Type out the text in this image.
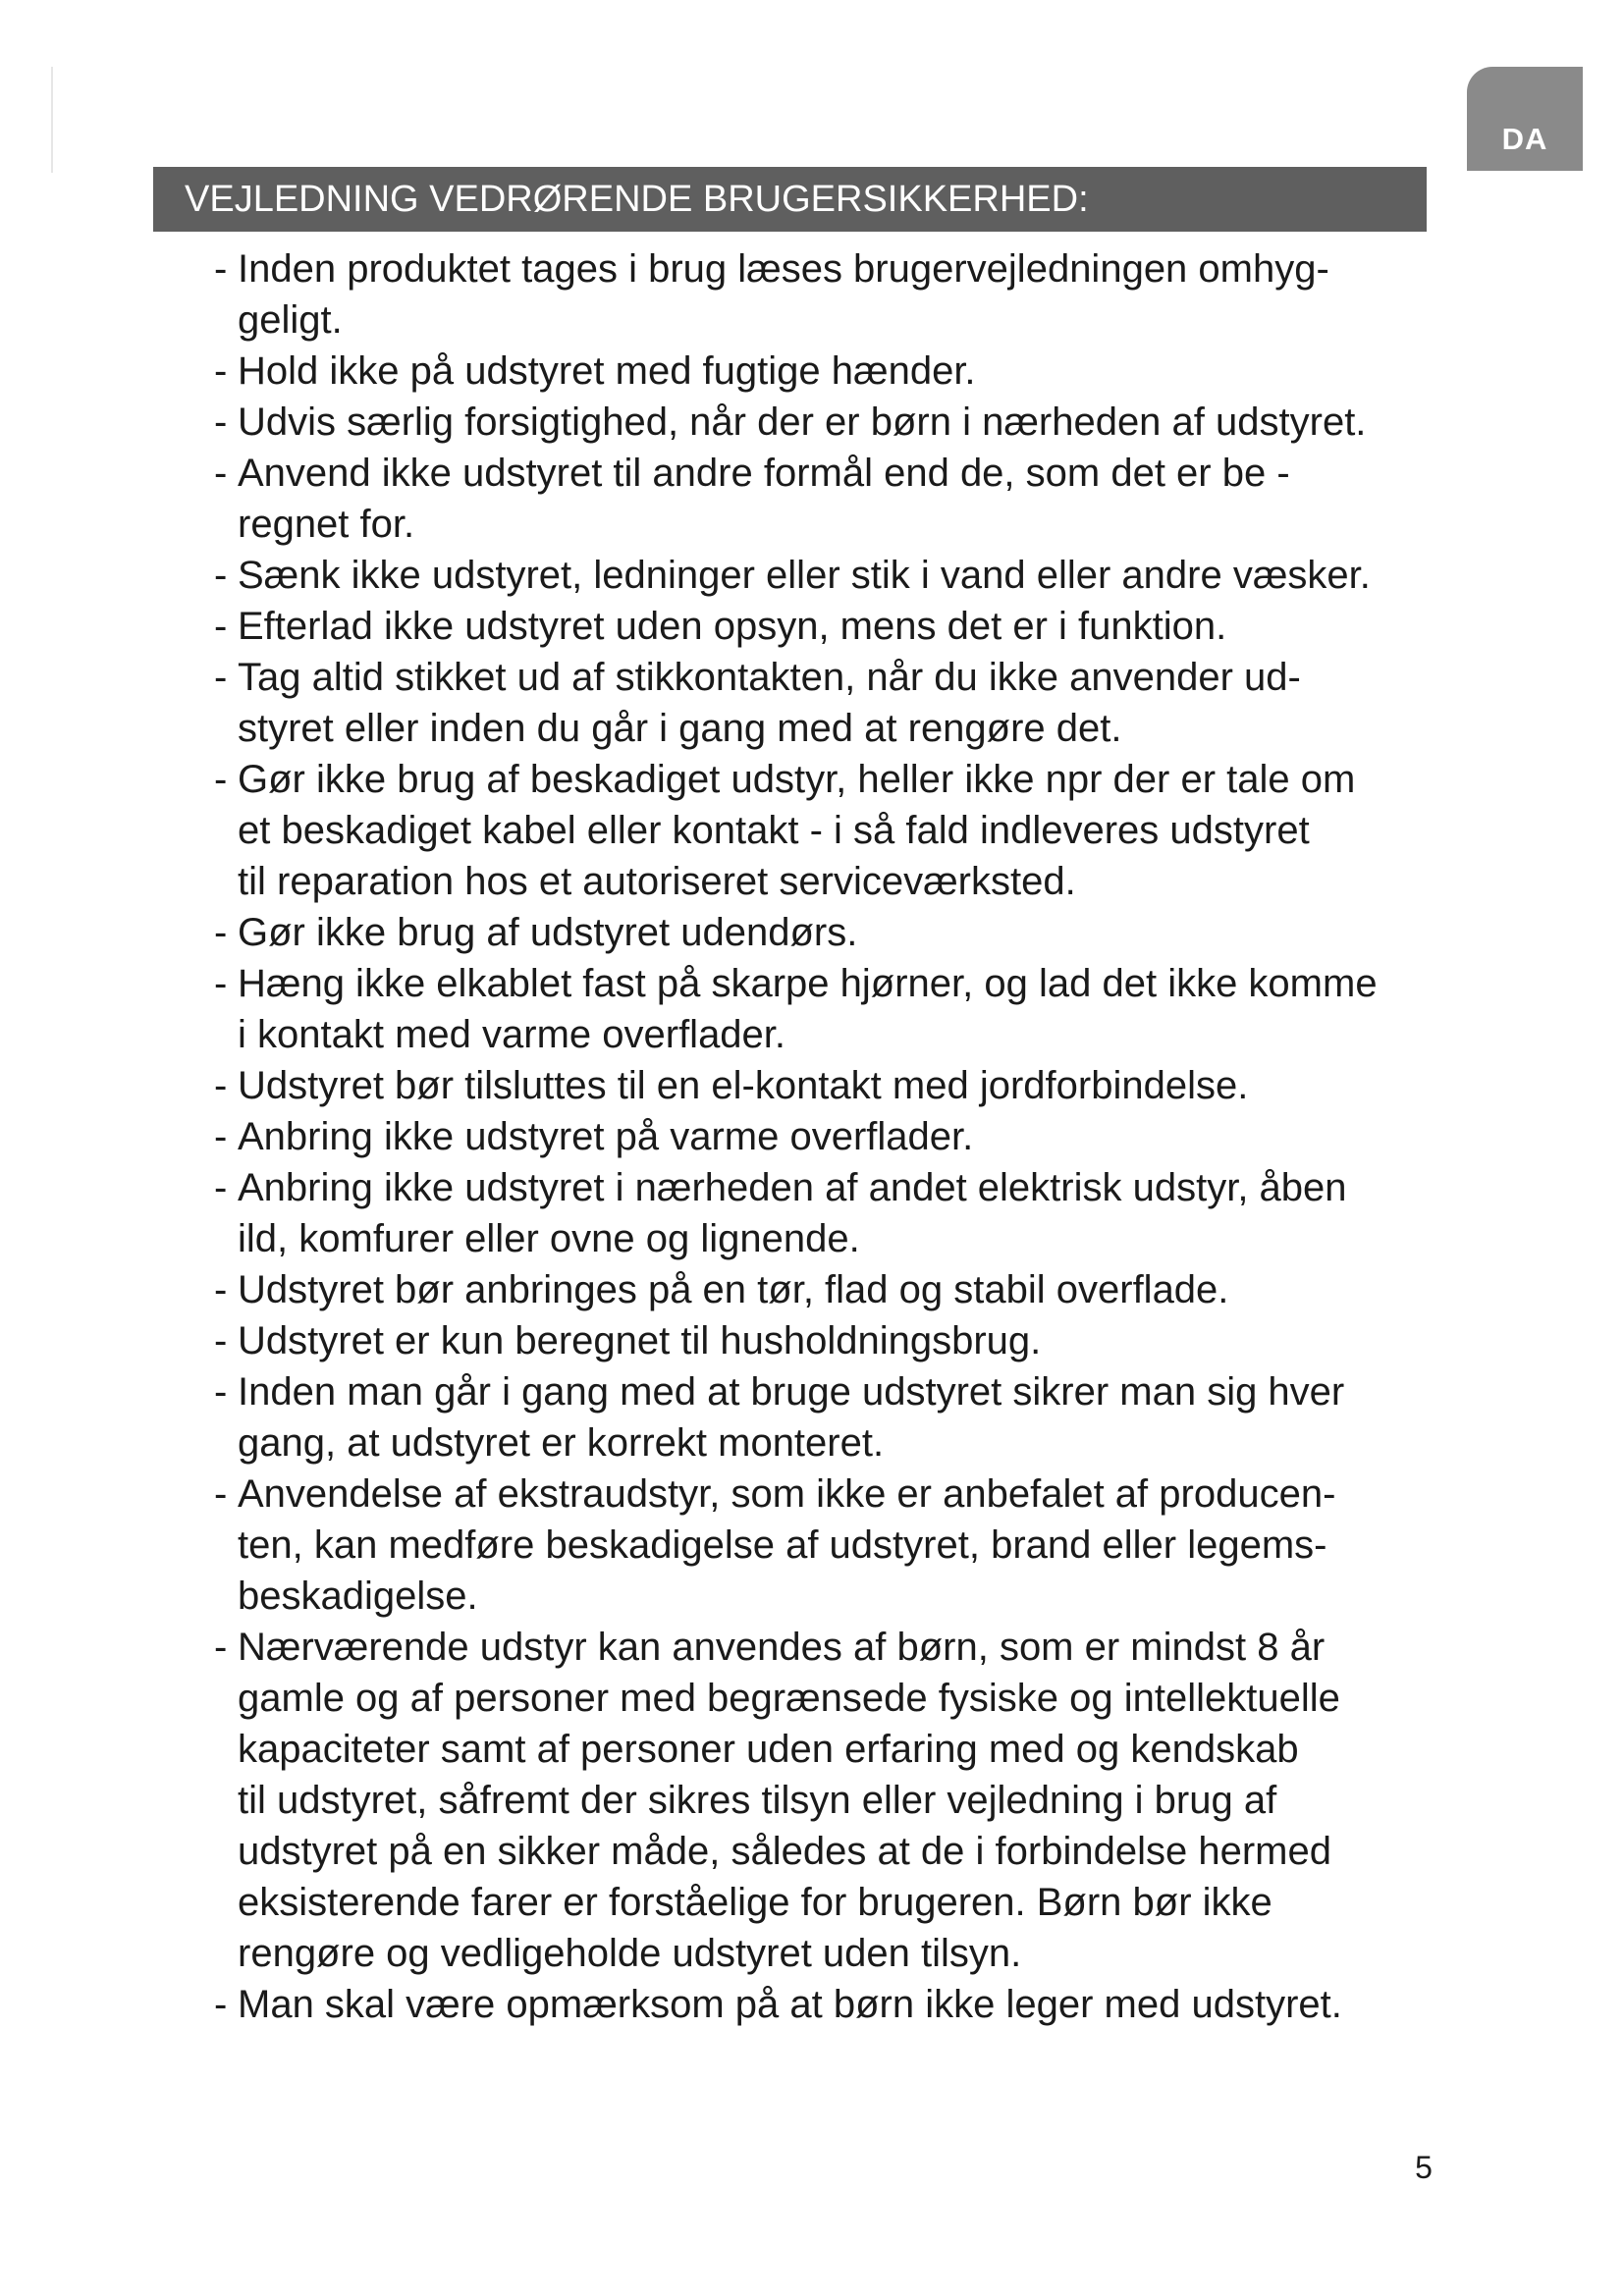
DA
VEJLEDNING VEDRØRENDE BRUGERSIKKERHED:
- Inden produktet tages i brug læses brugervejledningen omhyg-
geligt.
- Hold ikke på udstyret med fugtige hænder.
- Udvis særlig forsigtighed, når der er børn i nærheden af udstyret.
- Anvend ikke udstyret til andre formål end de, som det er be -
regnet for.
- Sænk ikke udstyret, ledninger eller stik i vand eller andre væsker.
- Efterlad ikke udstyret uden opsyn, mens det er i funktion.
- Tag altid stikket ud af stikkontakten, når du ikke anvender ud-
styret eller inden du går i gang med at rengøre det.
- Gør ikke brug af beskadiget udstyr, heller ikke npr der er tale om
et beskadiget kabel eller kontakt - i så fald indleveres udstyret
til reparation hos et autoriseret serviceværksted.
- Gør ikke brug af udstyret udendørs.
- Hæng ikke elkablet fast på skarpe hjørner, og lad det ikke komme
i kontakt med varme overflader.
- Udstyret bør tilsluttes til en el-kontakt med jordforbindelse.
- Anbring ikke udstyret på varme overflader.
- Anbring ikke udstyret i nærheden af andet elektrisk udstyr, åben
ild, komfurer eller ovne og lignende.
- Udstyret bør anbringes på en tør, flad og stabil overflade.
- Udstyret er kun beregnet til husholdningsbrug.
- Inden man går i gang med at bruge udstyret sikrer man sig hver
gang, at udstyret er korrekt monteret.
- Anvendelse af ekstraudstyr, som ikke er anbefalet af producen-
ten, kan medføre beskadigelse af udstyret, brand eller legems-
beskadigelse.
- Nærværende udstyr kan anvendes af børn, som er mindst 8 år
gamle og af personer med begrænsede fysiske og intellektuelle
kapaciteter samt af personer uden erfaring med og kendskab
til udstyret, såfremt der sikres tilsyn eller vejledning i brug af
udstyret på en sikker måde, således at de i forbindelse hermed
eksisterende farer er forståelige for brugeren. Børn bør ikke
rengøre og vedligeholde udstyret uden tilsyn.
- Man skal være opmærksom på at børn ikke leger med udstyret.
5
